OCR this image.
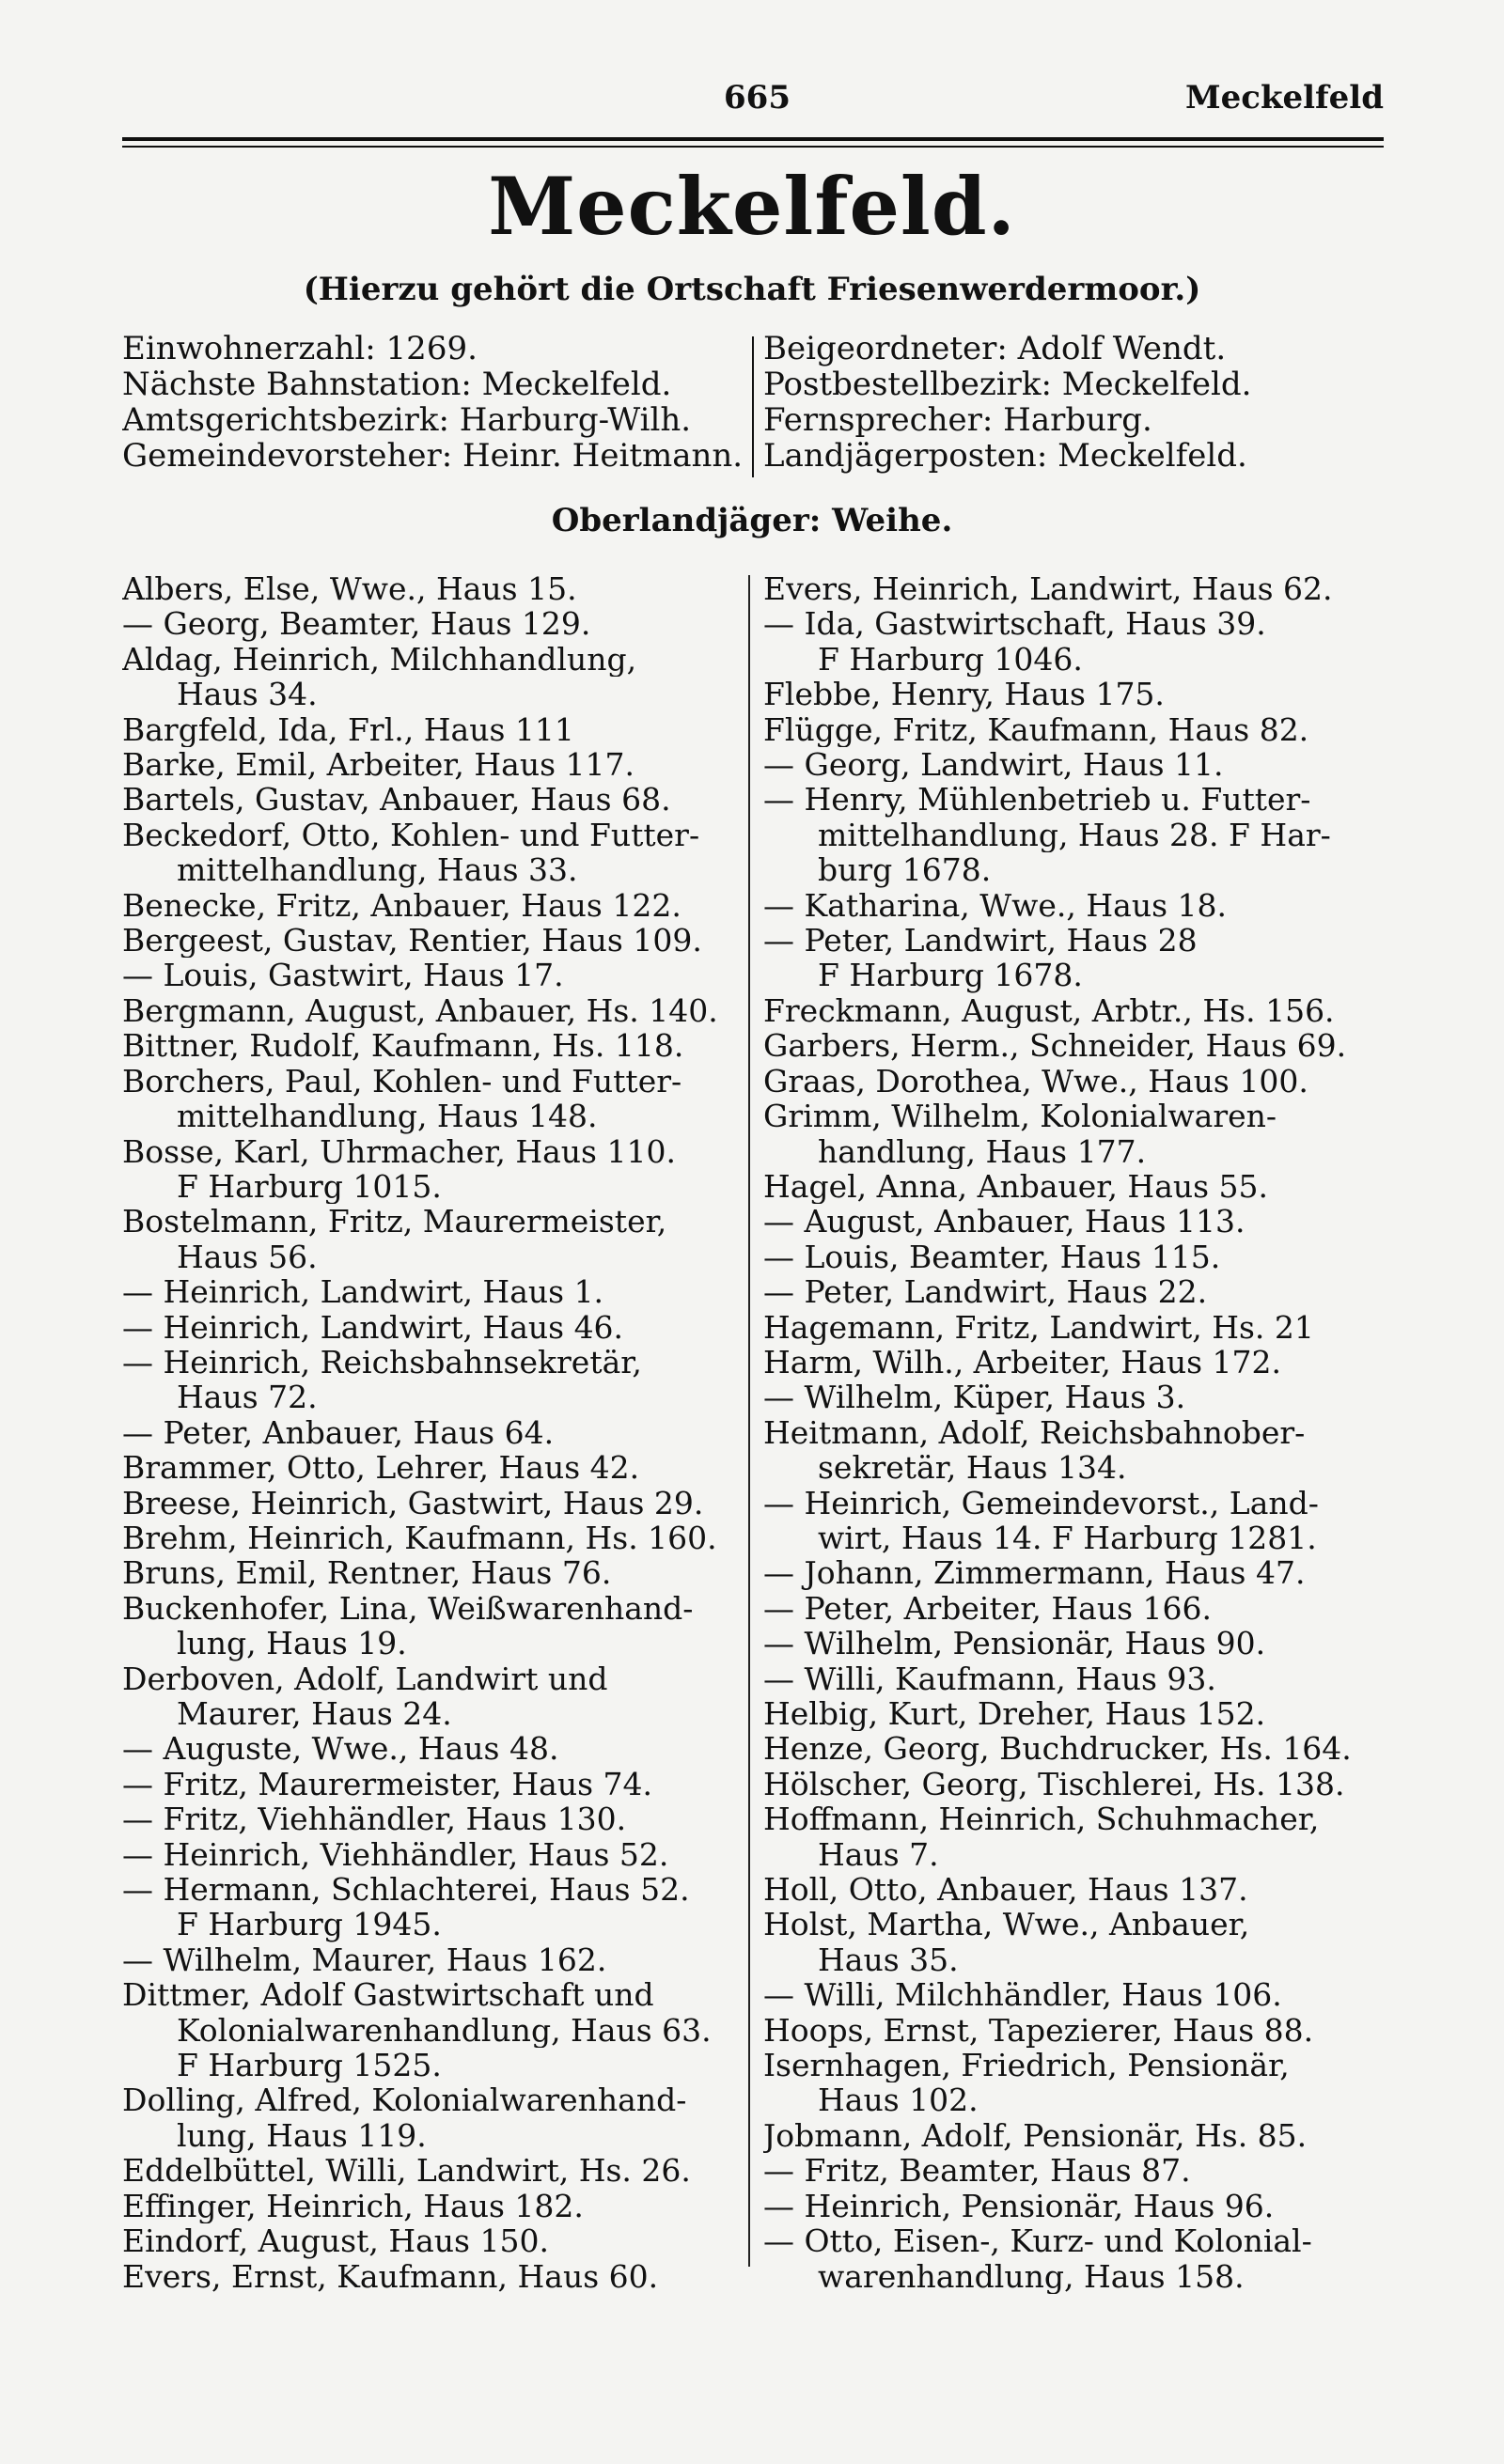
665	Meckelfeld
Meckelfeld.
(Hierzu gehört die Ortschaft Friesenwerdermoor.)
Einwohnerzahl: 1269.
Nächste Bahnstation: Meckelfeld.
Amtsgerichtsbezirk: Harburg-Wilh.
Gemeindevorsteher: Heinr. Heitmann.
Beigeordneter: Adolf Wendt.
Postbestellbezirk: Meckelfeld.
Fernsprecher: Harburg.
Landjägerposten: Meckelfeld.
Oberlandjäger: Weihe.
Albers, Else, Wwe., Haus 15.
— Georg, Beamter, Haus 129.
Aldag, Heinrich, Milchhandlung,
Haus 34.
Bargfeld, Ida, Frl., Haus 111
Barke, Emil, Arbeiter, Haus 117.
Bartels, Gustav, Anbauer, Haus 68.
Beckedorf, Otto, Kohlen- und Futter-
mittelhandlung, Haus 33.
Benecke, Fritz, Anbauer, Haus 122.
Bergeest, Gustav, Rentier, Haus 109.
— Louis, Gastwirt, Haus 17.
Bergmann, August, Anbauer, Hs. 140.
Bittner, Rudolf, Kaufmann, Hs. 118.
Borchers, Paul, Kohlen- und Futter-
mittelhandlung, Haus 148.
Bosse, Karl, Uhrmacher, Haus 110.
F Harburg 1015.
Bostelmann, Fritz, Maurermeister,
Haus 56.
— Heinrich, Landwirt, Haus 1.
— Heinrich, Landwirt, Haus 46.
— Heinrich, Reichsbahnsekretär,
Haus 72.
— Peter, Anbauer, Haus 64.
Brammer, Otto, Lehrer, Haus 42.
Breese, Heinrich, Gastwirt, Haus 29.
Brehm, Heinrich, Kaufmann, Hs. 160.
Bruns, Emil, Rentner, Haus 76.
Buckenhofer, Lina, Weißwarenhand-
lung, Haus 19.
Derboven, Adolf, Landwirt und
Maurer, Haus 24.
— Auguste, Wwe., Haus 48.
— Fritz, Maurermeister, Haus 74.
— Fritz, Viehhändler, Haus 130.
— Heinrich, Viehhändler, Haus 52.
— Hermann, Schlachterei, Haus 52.
F Harburg 1945.
— Wilhelm, Maurer, Haus 162.
Dittmer, Adolf Gastwirtschaft und
Kolonialwarenhandlung, Haus 63.
F Harburg 1525.
Dolling, Alfred, Kolonialwarenhand-
lung, Haus 119.
Eddelbüttel, Willi, Landwirt, Hs. 26.
Effinger, Heinrich, Haus 182.
Eindorf, August, Haus 150.
Evers, Ernst, Kaufmann, Haus 60.
Evers, Heinrich, Landwirt, Haus 62.
— Ida, Gastwirtschaft, Haus 39.
F Harburg 1046.
Flebbe, Henry, Haus 175.
Flügge, Fritz, Kaufmann, Haus 82.
— Georg, Landwirt, Haus 11.
— Henry, Mühlenbetrieb u. Futter-
mittelhandlung, Haus 28. F Har-
burg 1678.
— Katharina, Wwe., Haus 18.
— Peter, Landwirt, Haus 28
F Harburg 1678.
Freckmann, August, Arbtr., Hs. 156.
Garbers, Herm., Schneider, Haus 69.
Graas, Dorothea, Wwe., Haus 100.
Grimm, Wilhelm, Kolonialwaren-
handlung, Haus 177.
Hagel, Anna, Anbauer, Haus 55.
— August, Anbauer, Haus 113.
— Louis, Beamter, Haus 115.
— Peter, Landwirt, Haus 22.
Hagemann, Fritz, Landwirt, Hs. 21
Harm, Wilh., Arbeiter, Haus 172.
— Wilhelm, Küper, Haus 3.
Heitmann, Adolf, Reichsbahnober-
sekretär, Haus 134.
— Heinrich, Gemeindevorst., Land-
wirt, Haus 14. F Harburg 1281.
— Johann, Zimmermann, Haus 47.
— Peter, Arbeiter, Haus 166.
— Wilhelm, Pensionär, Haus 90.
— Willi, Kaufmann, Haus 93.
Helbig, Kurt, Dreher, Haus 152.
Henze, Georg, Buchdrucker, Hs. 164.
Hölscher, Georg, Tischlerei, Hs. 138.
Hoffmann, Heinrich, Schuhmacher,
Haus 7.
Holl, Otto, Anbauer, Haus 137.
Holst, Martha, Wwe., Anbauer,
Haus 35.
— Willi, Milchhändler, Haus 106.
Hoops, Ernst, Tapezierer, Haus 88.
Isernhagen, Friedrich, Pensionär,
Haus 102.
Jobmann, Adolf, Pensionär, Hs. 85.
— Fritz, Beamter, Haus 87.
— Heinrich, Pensionär, Haus 96.
— Otto, Eisen-, Kurz- und Kolonial-
warenhandlung, Haus 158.
